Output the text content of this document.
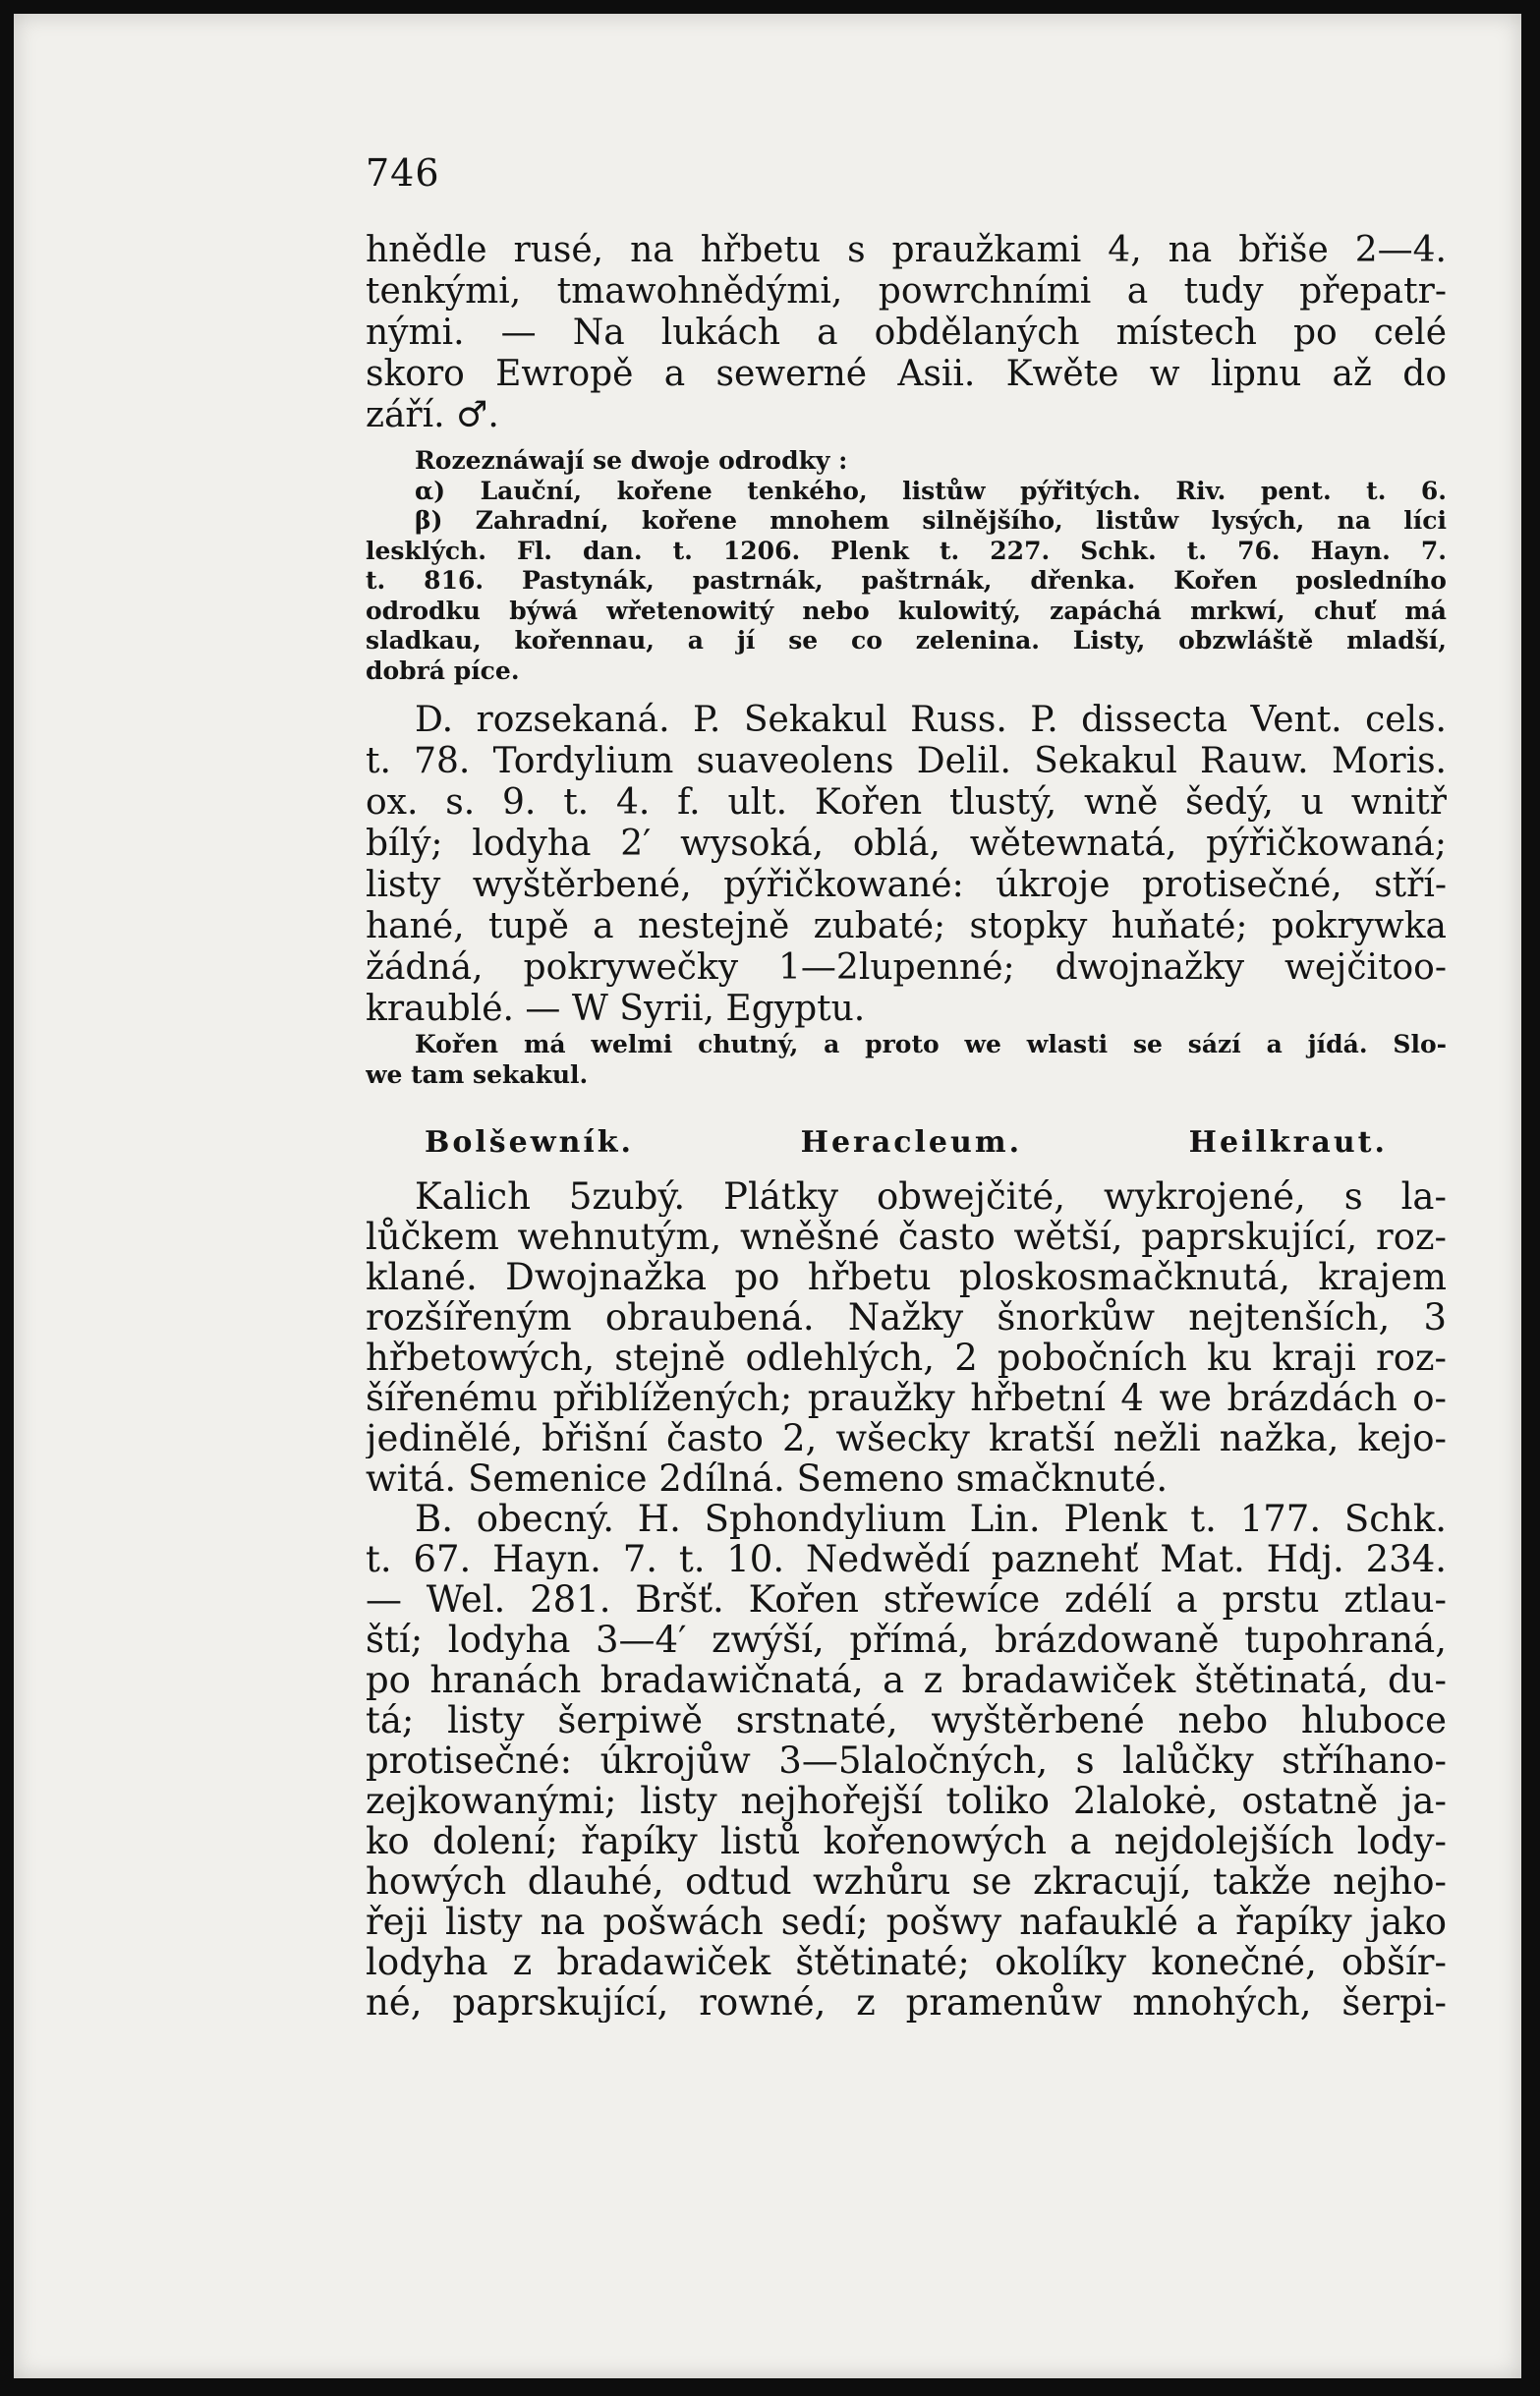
746
hnědle rusé, na hřbetu s praužkami 4, na břiše 2—4.
tenkými, tmawohnědými, powrchními a tudy přepatr-
nými. — Na lukách a obdělaných místech po celé
skoro Ewropě a sewerné Asii. Kwěte w lipnu až do
září. ♂.
Rozeznáwají se dwoje odrodky :
α) Lauční, kořene tenkého, listůw pýřitých. Riv. pent. t. 6.
β) Zahradní, kořene mnohem silnějšího, listůw lysých, na líci
lesklých. Fl. dan. t. 1206. Plenk t. 227. Schk. t. 76. Hayn. 7.
t. 816. Pastynák, pastrnák, paštrnák, dřenka. Kořen posledního
odrodku býwá wřetenowitý nebo kulowitý, zapáchá mrkwí, chuť má
sladkau, kořennau, a jí se co zelenina. Listy, obzwláště mladší,
dobrá píce.
D. rozsekaná. P. Sekakul Russ. P. dissecta Vent. cels.
t. 78. Tordylium suaveolens Delil. Sekakul Rauw. Moris.
ox. s. 9. t. 4. f. ult. Kořen tlustý, wně šedý, u wnitř
bílý; lodyha 2′ wysoká, oblá, wětewnatá, pýřičkowaná;
listy wyštěrbené, pýřičkowané: úkroje protisečné, stří-
hané, tupě a nestejně zubaté; stopky huňaté; pokrywka
žádná, pokrywečky 1—2lupenné; dwojnažky wejčitoo-
kraublé. — W Syrii, Egyptu.
Kořen má welmi chutný, a proto we wlasti se sází a jídá. Slo-
we tam sekakul.
Bolšewník.	Heracleum.	Heilkraut.
Kalich 5zubý. Plátky obwejčité, wykrojené, s la-
lůčkem wehnutým, wněšné často wětší, paprskující, roz-
klané. Dwojnažka po hřbetu ploskosmačknutá, krajem
rozšířeným obraubená. Nažky šnorkůw nejtenších, 3
hřbetowých, stejně odlehlých, 2 pobočních ku kraji roz-
šířenému přiblížených; praužky hřbetní 4 we brázdách o-
jedinělé, břišní často 2, wšecky kratší nežli nažka, kejo-
witá. Semenice 2dílná. Semeno smačknuté.
B. obecný. H. Sphondylium Lin. Plenk t. 177. Schk.
t. 67. Hayn. 7. t. 10. Nedwědí paznehť Mat. Hdj. 234.
— Wel. 281. Bršť. Kořen střewíce zdélí a prstu ztlau-
ští; lodyha 3—4′ zwýší, přímá, brázdowaně tupohraná,
po hranách bradawičnatá, a z bradawiček štětinatá, du-
tá; listy šerpiwě srstnaté, wyštěrbené nebo hluboce
protisečné: úkrojůw 3—5laločných, s lalůčky stříhano-
zejkowanými; listy nejhořejší toliko 2lalokė, ostatně ja-
ko dolení; řapíky listů kořenowých a nejdolejších lody-
howých dlauhé, odtud wzhůru se zkracují, takže nejho-
řeji listy na pošwách sedí; pošwy nafauklé a řapíky jako
lodyha z bradawiček štětinaté; okolíky konečné, obšír-
né, paprskující, rowné, z pramenůw mnohých, šerpi-
